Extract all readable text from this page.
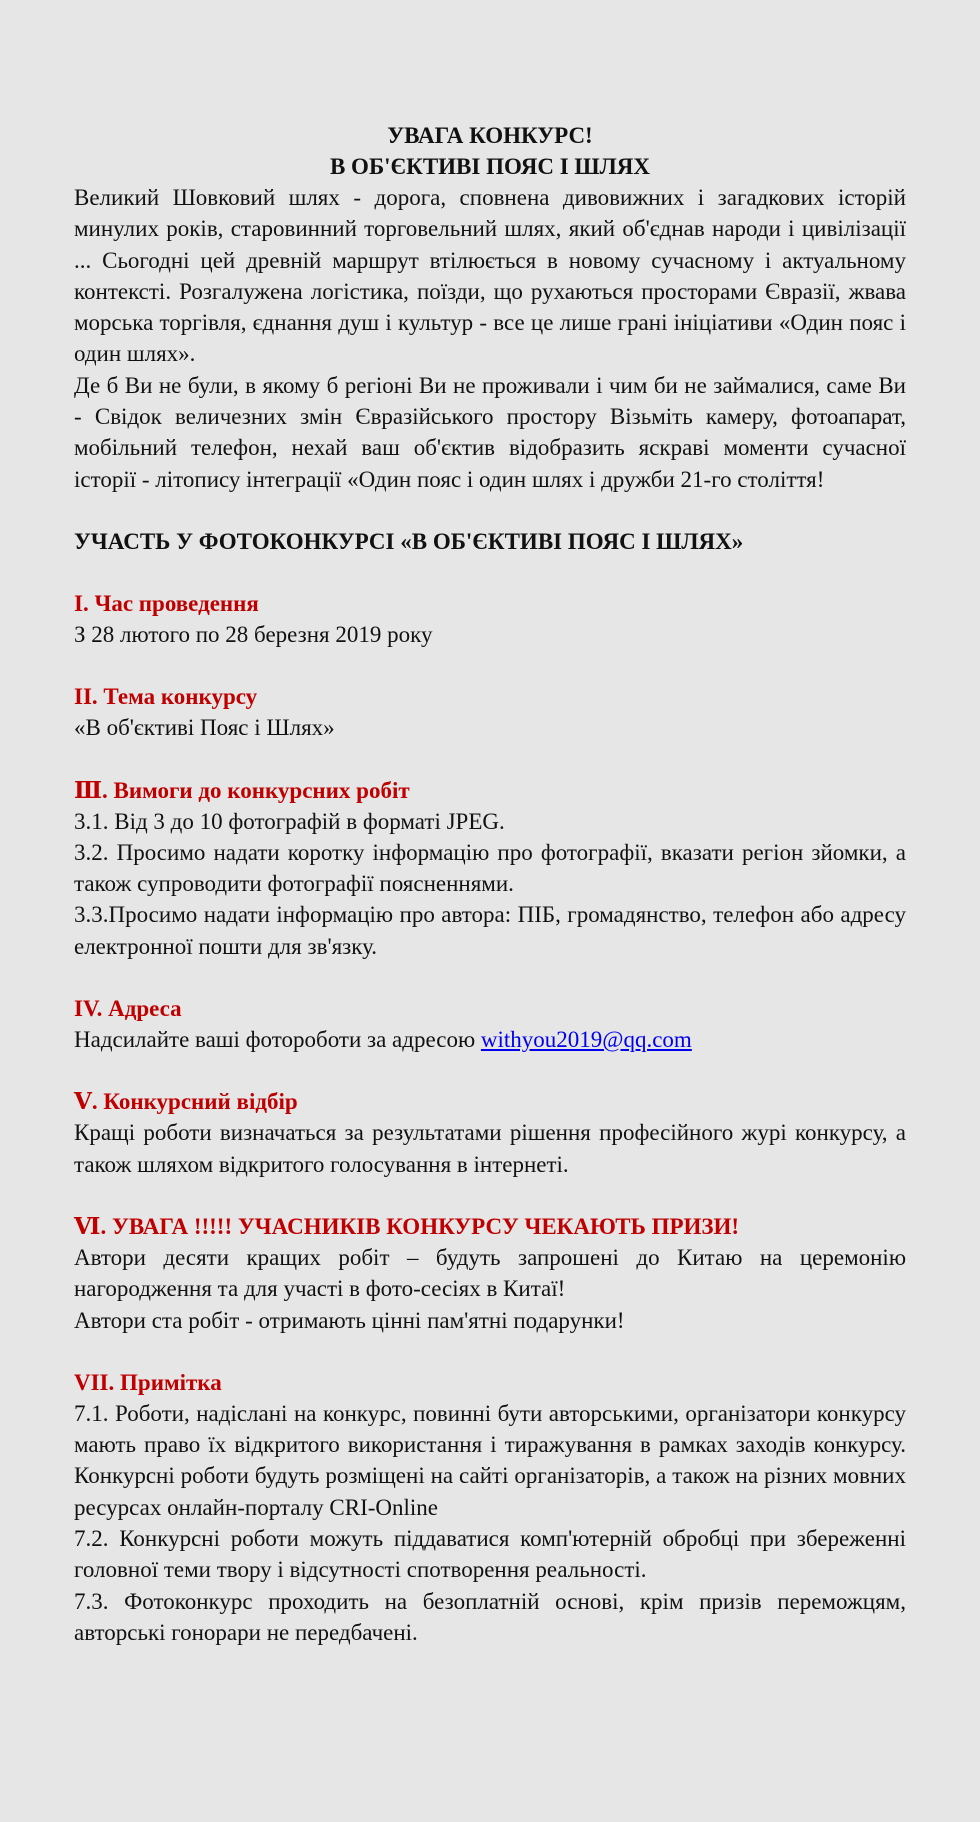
УВАГА КОНКУРС!

В ОБ'ЄКТИВІ ПОЯС І ШЛЯХ

Великий Шовковий шлях - дорога, сповнена дивовижних і загадкових історій минулих років, старовинний торговельний шлях, який об'єднав народи і цивілізації ... Сьогодні цей древній маршрут втілюється в новому сучасному і актуальному контексті. Розгалужена логістика, поїзди, що рухаються просторами Євразії, жвава морська торгівля, єднання душ і культур - все це лише грані ініціативи «Один пояс і один шлях».

Де б Ви не були, в якому б регіоні Ви не проживали і чим би не займалися, саме Ви - Свідок величезних змін Євразійського простору Візьміть камеру, фотоапарат, мобільний телефон, нехай ваш об'єктив відобразить яскраві моменти сучасної історії - літопису інтеграції «Один пояс і один шлях і дружби 21-го століття!

УЧАСТЬ У ФОТОКОНКУРСІ «В ОБ'ЄКТИВІ ПОЯС І ШЛЯХ»

I. Час проведення

З 28 лютого по 28 березня 2019 року

II. Тема конкурсу

«В об'єктиві Пояс і Шлях»

Ⅲ. Вимоги до конкурсних робіт

3.1. Від 3 до 10 фотографій в форматі JPEG.

3.2. Просимо надати коротку інформацію про фотографії, вказати регіон зйомки, а також супроводити фотографії поясненнями.

3.3.Просимо надати інформацію про автора: ПІБ, громадянство, телефон або адресу електронної пошти для зв'язку.

IV. Адреса

Надсилайте ваші фотороботи за адресою withyou2019@qq.com

Ⅴ. Конкурсний відбір

Кращі роботи визначаться за результатами рішення професійного журі конкурсу, а також шляхом відкритого голосування в інтернеті.

Ⅵ. УВАГА !!!!! УЧАСНИКІВ КОНКУРСУ ЧЕКАЮТЬ ПРИЗИ!

Автори десяти кращих робіт – будуть запрошені до Китаю на церемонію нагородження та для участі в фото-сесіях в Китаї!

Автори ста робіт - отримають цінні пам'ятні подарунки!

VII. Примітка

7.1. Роботи, надіслані на конкурс, повинні бути авторськими, організатори конкурсу мають право їх відкритого використання і тиражування в рамках заходів конкурсу. Конкурсні роботи будуть розміщені на сайті організаторів, а також на різних мовних ресурсах онлайн-порталу CRI-Online

7.2. Конкурсні роботи можуть піддаватися комп'ютерній обробці при збереженні головної теми твору і відсутності спотворення реальності.

7.3. Фотоконкурс проходить на безоплатній основі, крім призів переможцям, авторські гонорари не передбачені.
